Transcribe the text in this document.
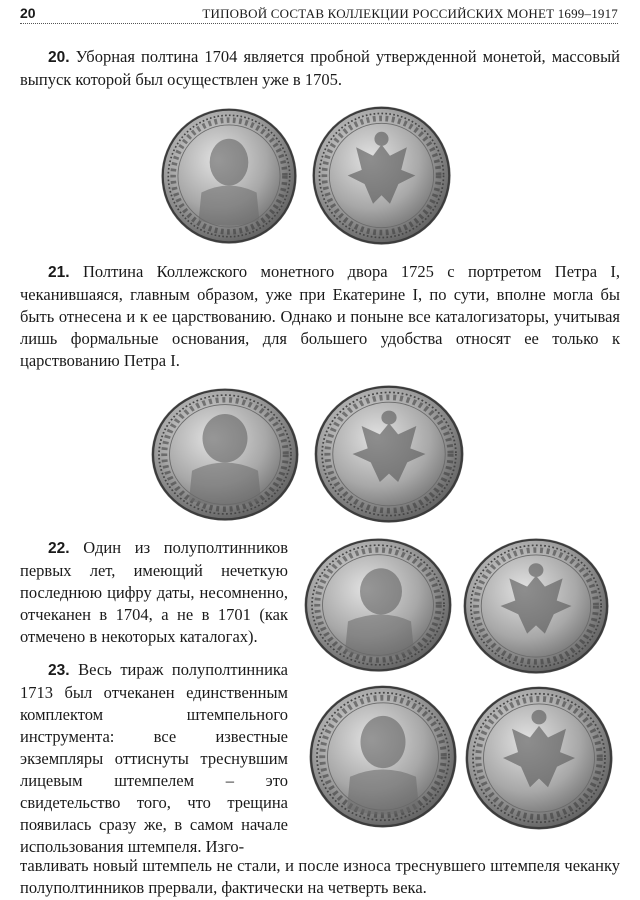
20	ТИПОВОЙ СОСТАВ КОЛЛЕКЦИИ РОССИЙСКИХ МОНЕТ 1699–1917

20. Уборная полтина 1704 является пробной утвержденной монетой, массовый выпуск которой был осуществлен уже в 1705.

21. Полтина Коллежского монетного двора 1725 с портретом Петра I, чеканившаяся, главным образом, уже при Екатерине I, по сути, вполне могла бы быть отнесена и к ее царствованию. Однако и поныне все каталогизаторы, учитывая лишь формальные основания, для большего удобства относят ее только к царствованию Петра I.

22. Один из полуполтинников первых лет, имеющий нечеткую последнюю цифру даты, несомненно, отчеканен в 1704, а не в 1701 (как отмечено в некоторых каталогах).

23. Весь тираж полуполтинника 1713 был отчеканен единственным комплектом штемпельного инструмента: все известные экземпляры оттиснуты треснувшим лицевым штемпелем – это свидетельство того, что трещина появилась сразу же, в самом начале использования штемпеля. Изго-

тавливать новый штемпель не стали, и после износа треснувшего штемпеля чеканку полуполтинников прервали, фактически на четверть века.
